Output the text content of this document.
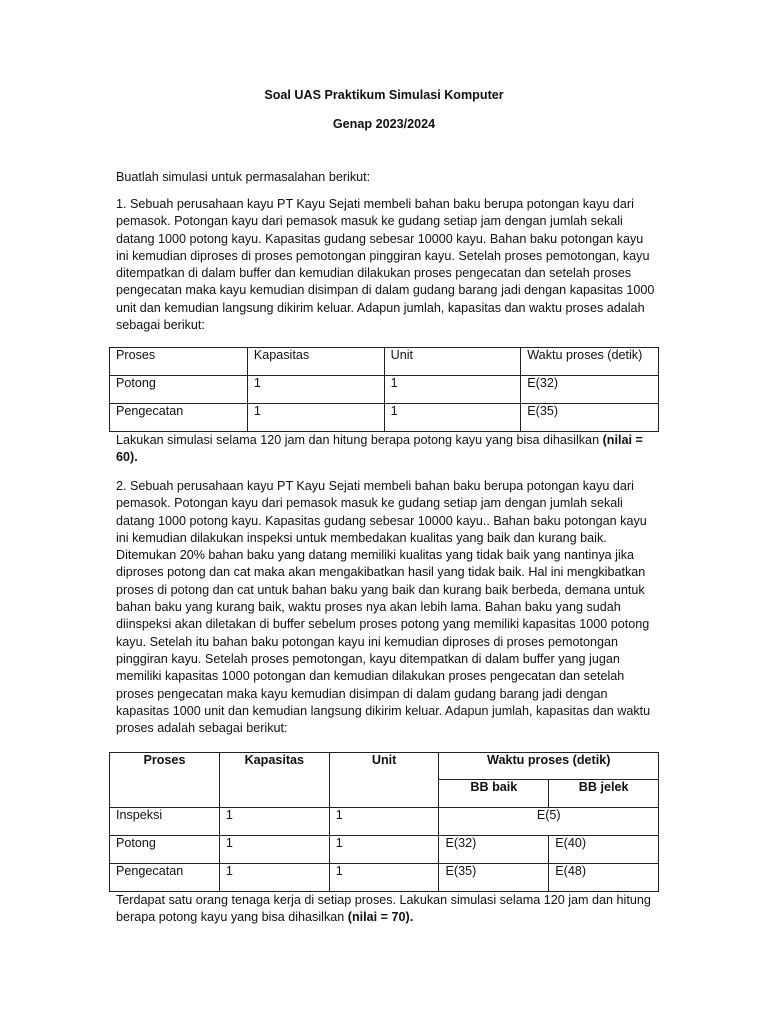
Soal UAS Praktikum Simulasi Komputer
Genap 2023/2024
Buatlah simulasi untuk permasalahan berikut:
1. Sebuah perusahaan kayu PT Kayu Sejati membeli bahan baku berupa potongan kayu dari pemasok. Potongan kayu dari pemasok masuk ke gudang setiap jam dengan jumlah sekali datang 1000 potong kayu. Kapasitas gudang sebesar 10000 kayu. Bahan baku potongan kayu ini kemudian diproses di proses pemotongan pinggiran kayu. Setelah proses pemotongan, kayu ditempatkan di dalam buffer dan kemudian dilakukan proses pengecatan dan setelah proses pengecatan maka kayu kemudian disimpan di dalam gudang barang jadi dengan kapasitas 1000 unit dan kemudian langsung dikirim keluar. Adapun jumlah, kapasitas dan waktu proses adalah sebagai berikut:
Proses	Kapasitas	Unit	Waktu proses (detik)
Potong	1	1	E(32)
Pengecatan	1	1	E(35)
Lakukan simulasi selama 120 jam dan hitung berapa potong kayu yang bisa dihasilkan (nilai = 60).
2. Sebuah perusahaan kayu PT Kayu Sejati membeli bahan baku berupa potongan kayu dari pemasok. Potongan kayu dari pemasok masuk ke gudang setiap jam dengan jumlah sekali datang 1000 potong kayu. Kapasitas gudang sebesar 10000 kayu.. Bahan baku potongan kayu ini kemudian dilakukan inspeksi untuk membedakan kualitas yang baik dan kurang baik. Ditemukan 20% bahan baku yang datang memiliki kualitas yang tidak baik yang nantinya jika diproses potong dan cat maka akan mengakibatkan hasil yang tidak baik. Hal ini mengkibatkan proses di potong dan cat untuk bahan baku yang baik dan kurang baik berbeda, demana untuk bahan baku yang kurang baik, waktu proses nya akan lebih lama. Bahan baku yang sudah diinspeksi akan diletakan di buffer sebelum proses potong yang memiliki kapasitas 1000 potong kayu. Setelah itu bahan baku potongan kayu ini kemudian diproses di proses pemotongan pinggiran kayu. Setelah proses pemotongan, kayu ditempatkan di dalam buffer yang jugan memiliki kapasitas 1000 potongan dan kemudian dilakukan proses pengecatan dan setelah proses pengecatan maka kayu kemudian disimpan di dalam gudang barang jadi dengan kapasitas 1000 unit dan kemudian langsung dikirim keluar. Adapun jumlah, kapasitas dan waktu proses adalah sebagai berikut:
Proses	Kapasitas	Unit	Waktu proses (detik)	
			BB baik	BB jelek
Inspeksi	1	1	E(5)	
Potong	1	1	E(32)	E(40)
Pengecatan	1	1	E(35)	E(48)
Terdapat satu orang tenaga kerja di setiap proses. Lakukan simulasi selama 120 jam dan hitung berapa potong kayu yang bisa dihasilkan (nilai = 70).
